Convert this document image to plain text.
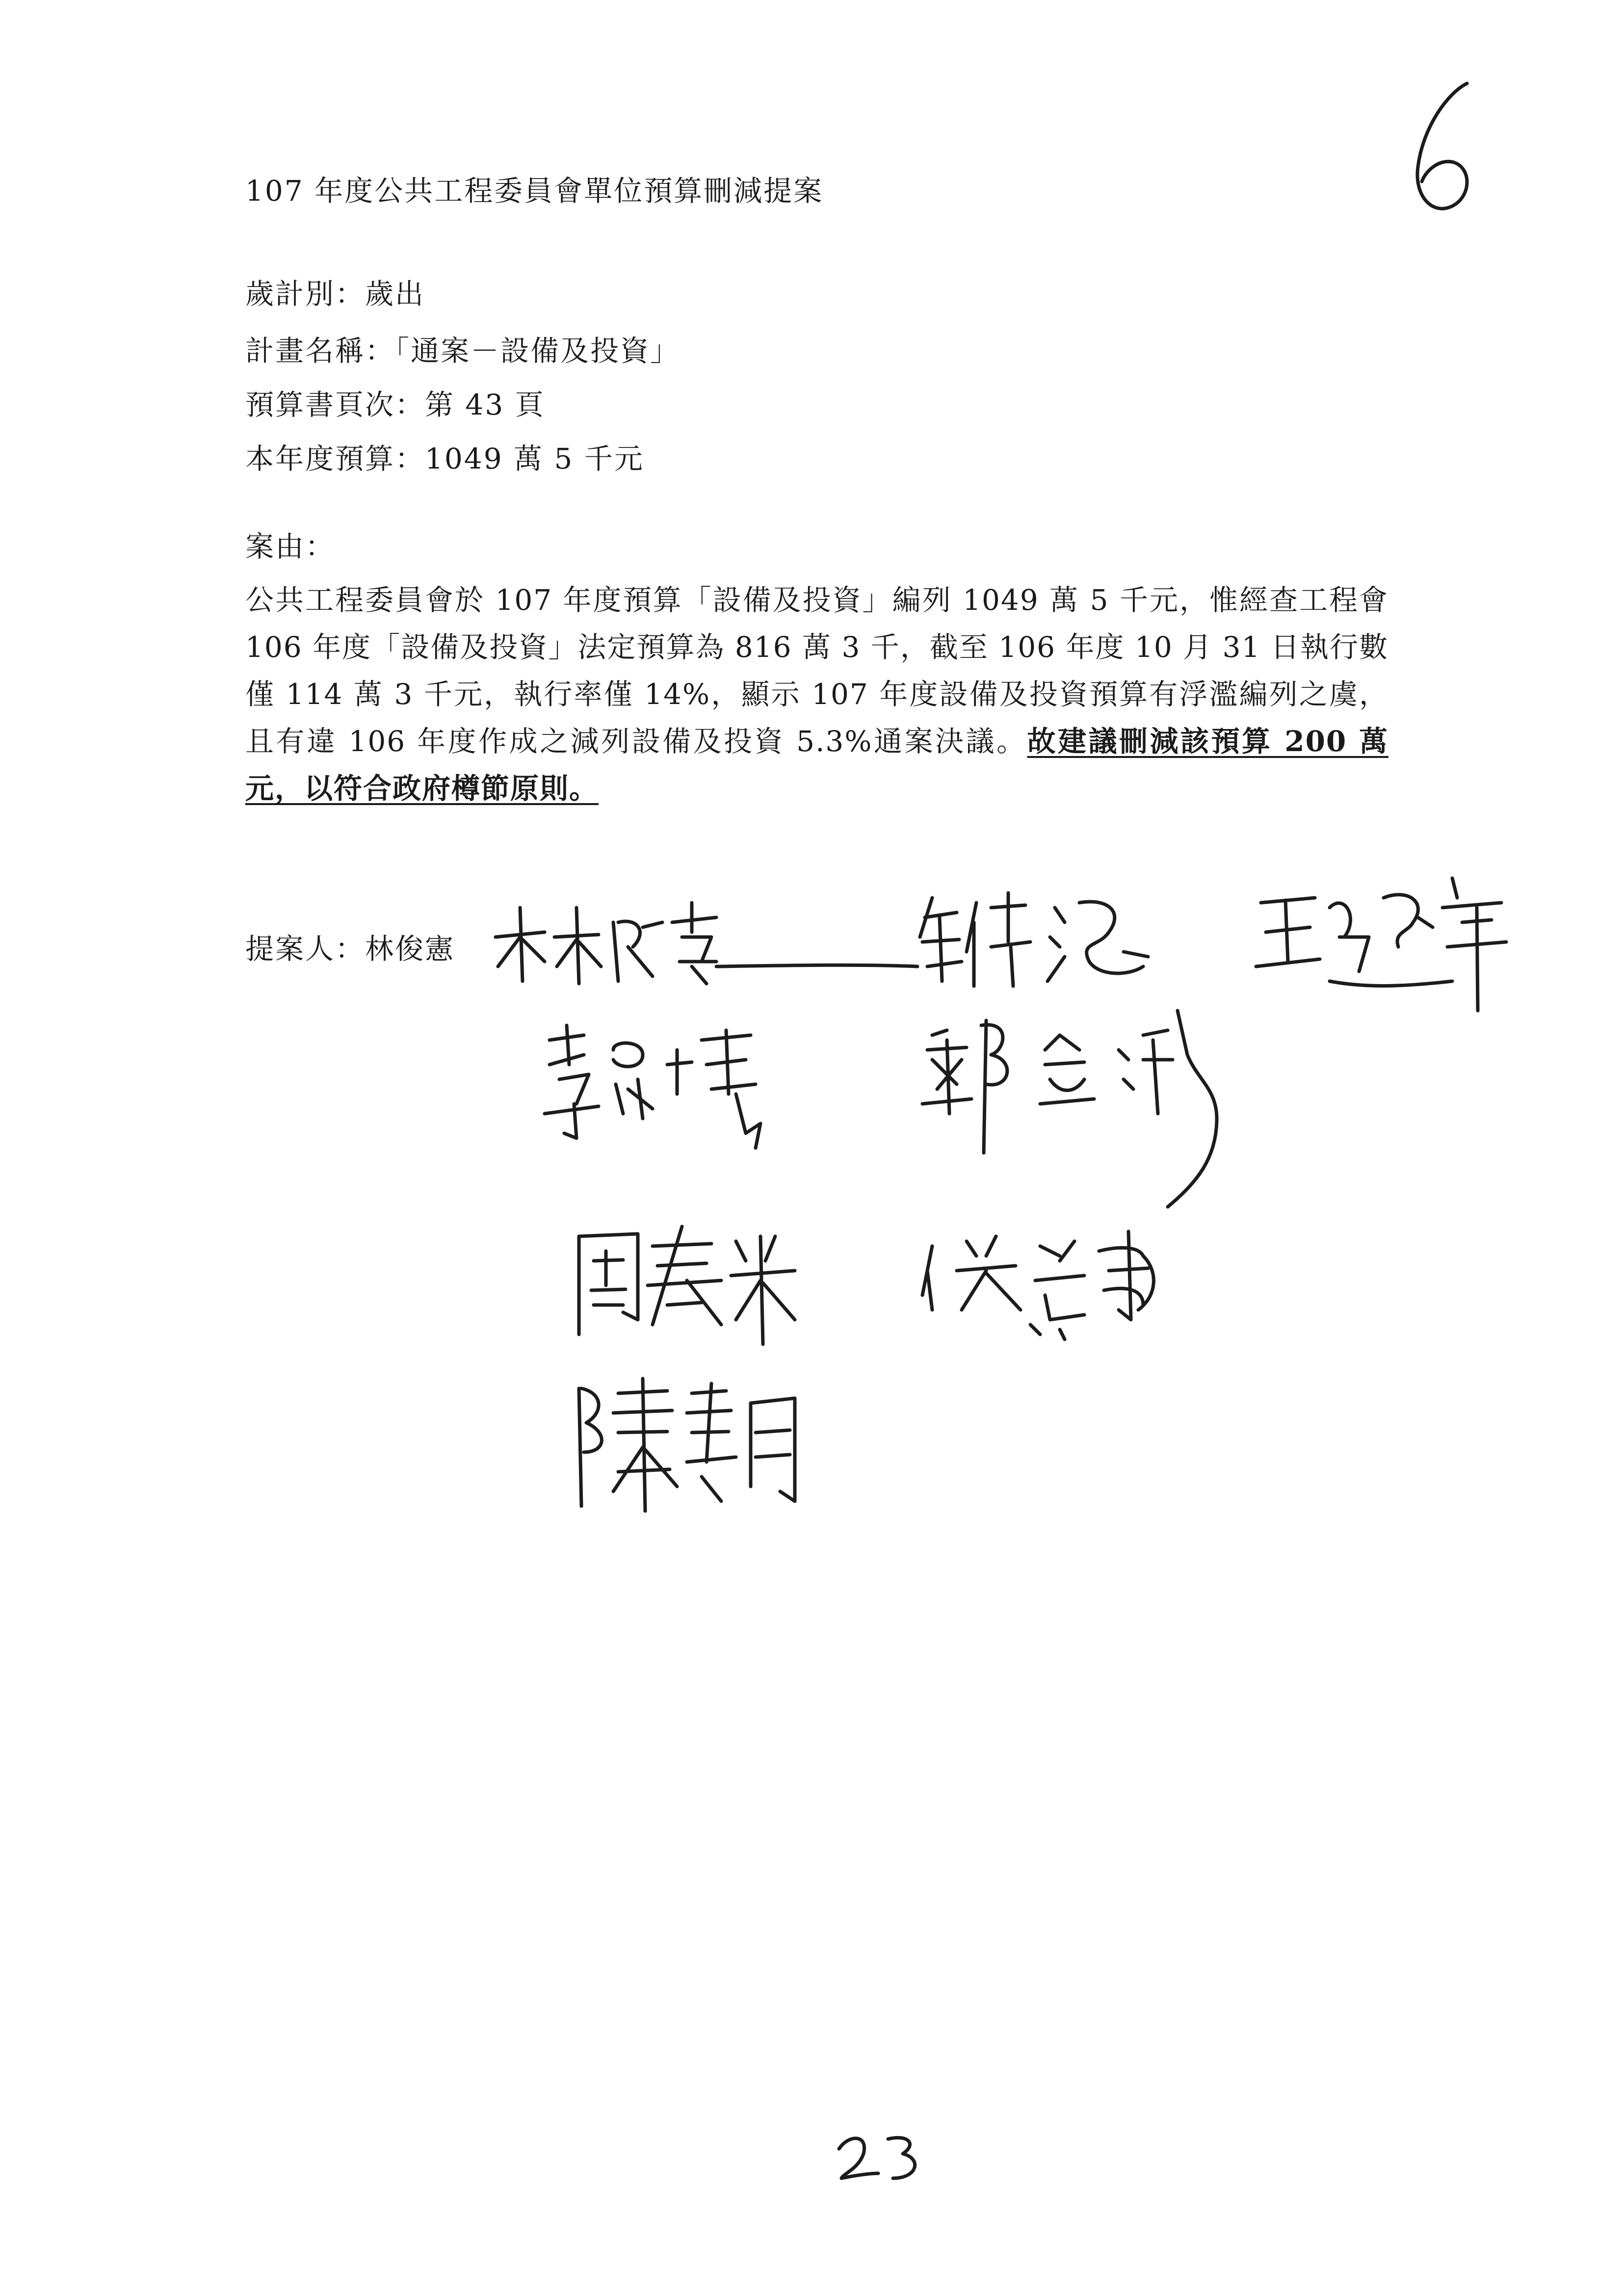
107 年度公共工程委員會單位預算刪減提案
歲計別：歲出
計畫名稱：「通案－設備及投資」
預算書頁次：第 43 頁
本年度預算：1049 萬 5 千元
案由：
公共工程委員會於 107 年度預算「設備及投資」編列 1049 萬 5 千元，惟經查工程會 106 年度「設備及投資」法定預算為 816 萬 3 千，截至 106 年度 10 月 31 日執行數僅 114 萬 3 千元，執行率僅 14%，顯示 107 年度設備及投資預算有浮濫編列之虞，且有違 106 年度作成之減列設備及投資 5.3%通案決議。故建議刪減該預算 200 萬元，以符合政府樽節原則。
提案人：林俊憲
